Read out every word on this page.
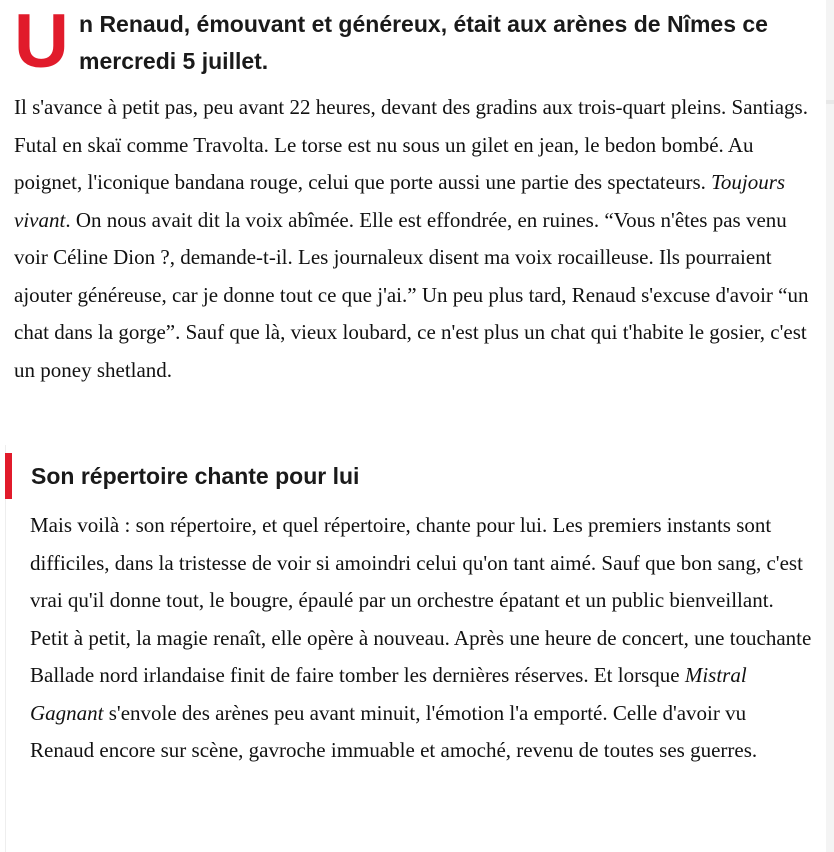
U n Renaud, émouvant et généreux, était aux arènes de Nîmes ce mercredi 5 juillet.

Il s'avance à petit pas, peu avant 22 heures, devant des gradins aux trois-quart pleins. Santiags. Futal en skaï comme Travolta. Le torse est nu sous un gilet en jean, le bedon bombé. Au poignet, l'iconique bandana rouge, celui que porte aussi une partie des spectateurs. Toujours vivant. On nous avait dit la voix abîmée. Elle est effondrée, en ruines. “Vous n'êtes pas venu voir Céline Dion ?, demande-t-il. Les journaleux disent ma voix rocailleuse. Ils pourraient ajouter généreuse, car je donne tout ce que j'ai.” Un peu plus tard, Renaud s'excuse d'avoir “un chat dans la gorge”. Sauf que là, vieux loubard, ce n'est plus un chat qui t'habite le gosier, c'est un poney shetland.

Son répertoire chante pour lui

Mais voilà : son répertoire, et quel répertoire, chante pour lui. Les premiers instants sont difficiles, dans la tristesse de voir si amoindri celui qu'on tant aimé. Sauf que bon sang, c'est vrai qu'il donne tout, le bougre, épaulé par un orchestre épatant et un public bienveillant. Petit à petit, la magie renaît, elle opère à nouveau. Après une heure de concert, une touchante Ballade nord irlandaise finit de faire tomber les dernières réserves. Et lorsque Mistral Gagnant s'envole des arènes peu avant minuit, l'émotion l'a emporté. Celle d'avoir vu Renaud encore sur scène, gavroche immuable et amoché, revenu de toutes ses guerres.
